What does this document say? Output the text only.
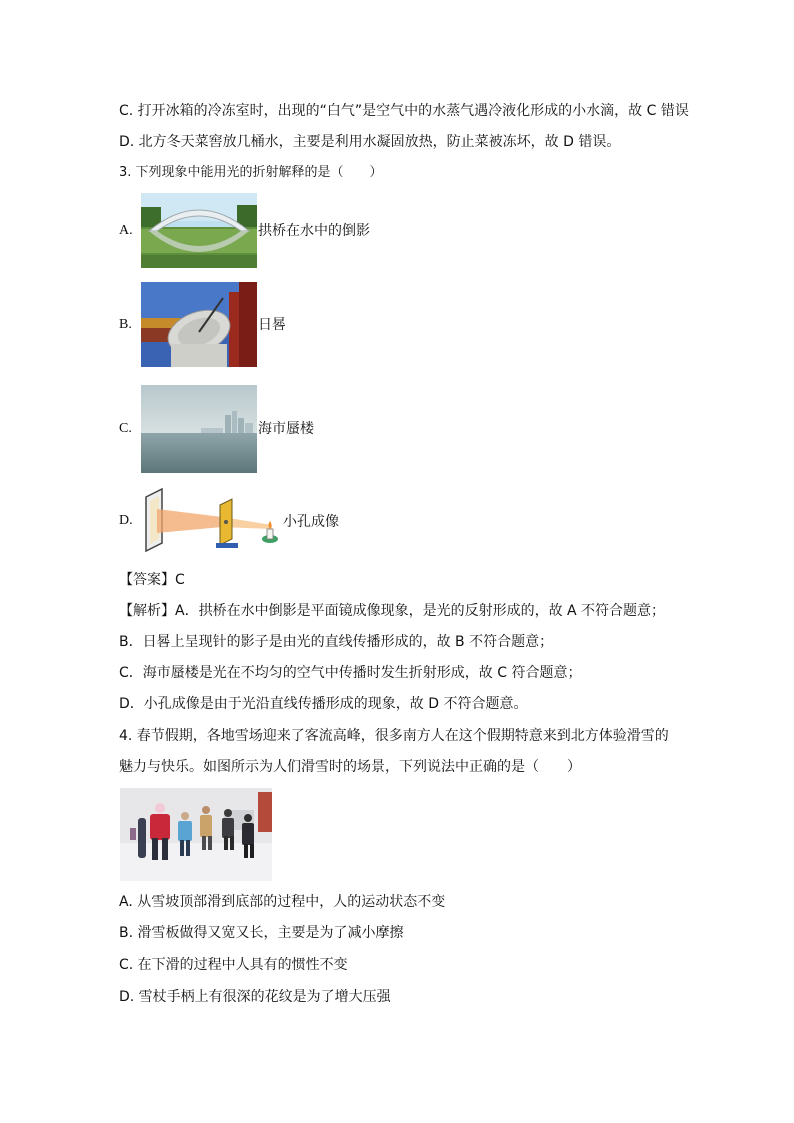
C. 打开冰箱的冷冻室时，出现的“白气”是空气中的水蒸气遇冷液化形成的小水滴，故 C 错误
D. 北方冬天菜窖放几桶水，主要是利用水凝固放热，防止菜被冻坏，故 D 错误。
3. 下列现象中能用光的折射解释的是（　　）
A.	拱桥在水中的倒影
B.	日晷
C.	海市蜃楼
D.	小孔成像
【答案】C
【解析】A．拱桥在水中倒影是平面镜成像现象，是光的反射形成的，故 A 不符合题意；
B．日晷上呈现针的影子是由光的直线传播形成的，故 B 不符合题意；
C．海市蜃楼是光在不均匀的空气中传播时发生折射形成，故 C 符合题意；
D．小孔成像是由于光沿直线传播形成的现象，故 D 不符合题意。
4. 春节假期，各地雪场迎来了客流高峰，很多南方人在这个假期特意来到北方体验滑雪的
魅力与快乐。如图所示为人们滑雪时的场景，下列说法中正确的是（　　）
A. 从雪坡顶部滑到底部的过程中，人的运动状态不变
B. 滑雪板做得又宽又长，主要是为了减小摩擦
C. 在下滑的过程中人具有的惯性不变
D. 雪杖手柄上有很深的花纹是为了增大压强
